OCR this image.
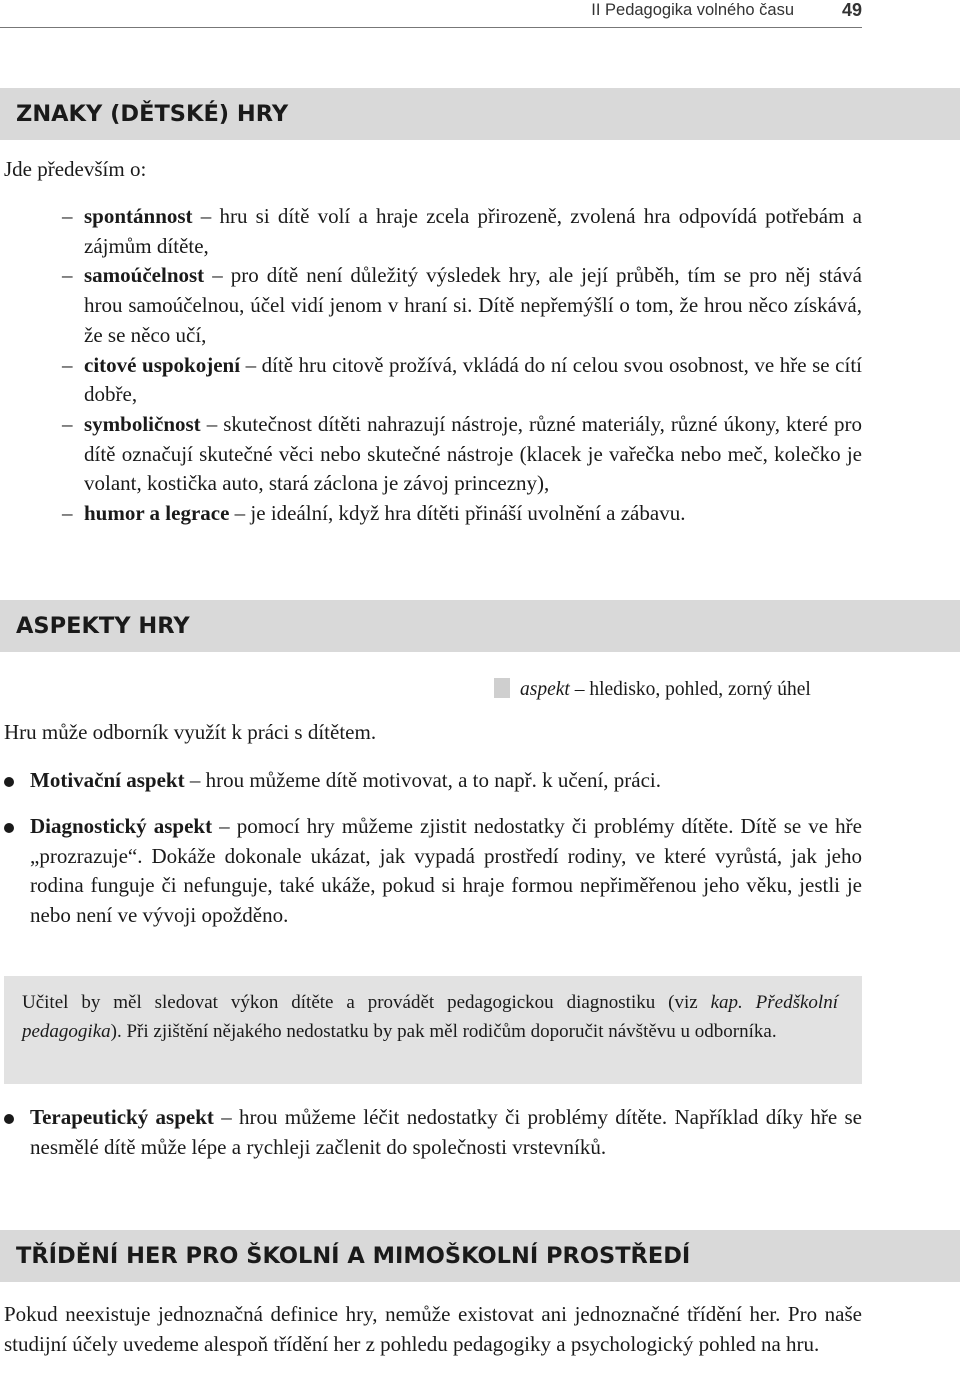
II Pedagogika volného času	49
ZNAKY (DĚTSKÉ) HRY
Jde především o:
– spontánnost – hru si dítě volí a hraje zcela přirozeně, zvolená hra odpovídá potřebám a zájmům dítěte,
– samoúčelnost – pro dítě není důležitý výsledek hry, ale její průběh, tím se pro něj stává hrou samoúčelnou, účel vidí jenom v hraní si. Dítě nepřemýšlí o tom, že hrou něco získává, že se něco učí,
– citové uspokojení – dítě hru citově prožívá, vkládá do ní celou svou osobnost, ve hře se cítí dobře,
– symboličnost – skutečnost dítěti nahrazují nástroje, různé materiály, různé úkony, které pro dítě označují skutečné věci nebo skutečné nástroje (klacek je vařečka nebo meč, kolečko je volant, kostička auto, stará záclona je závoj princezny),
– humor a legrace – je ideální, když hra dítěti přináší uvolnění a zábavu.
ASPEKTY HRY
aspekt – hledisko, pohled, zorný úhel
Hru může odborník využít k práci s dítětem.
Motivační aspekt – hrou můžeme dítě motivovat, a to např. k učení, práci.
Diagnostický aspekt – pomocí hry můžeme zjistit nedostatky či problémy dítěte. Dítě se ve hře „prozrazuje“. Dokáže dokonale ukázat, jak vypadá prostředí rodiny, ve které vyrůstá, jak jeho rodina funguje či nefunguje, také ukáže, pokud si hraje formou nepřiměřenou jeho věku, jestli je nebo není ve vývoji opožděno.
Učitel by měl sledovat výkon dítěte a provádět pedagogickou diagnostiku (viz kap. Předškolní pedagogika). Při zjištění nějakého nedostatku by pak měl rodičům doporučit návštěvu u odborníka.
Terapeutický aspekt – hrou můžeme léčit nedostatky či problémy dítěte. Například díky hře se nesmělé dítě může lépe a rychleji začlenit do společnosti vrstevníků.
TŘÍDĚNÍ HER PRO ŠKOLNÍ A MIMOŠKOLNÍ PROSTŘEDÍ
Pokud neexistuje jednoznačná definice hry, nemůže existovat ani jednoznačné třídění her. Pro naše studijní účely uvedeme alespoň třídění her z pohledu pedagogiky a psychologický pohled na hru.
